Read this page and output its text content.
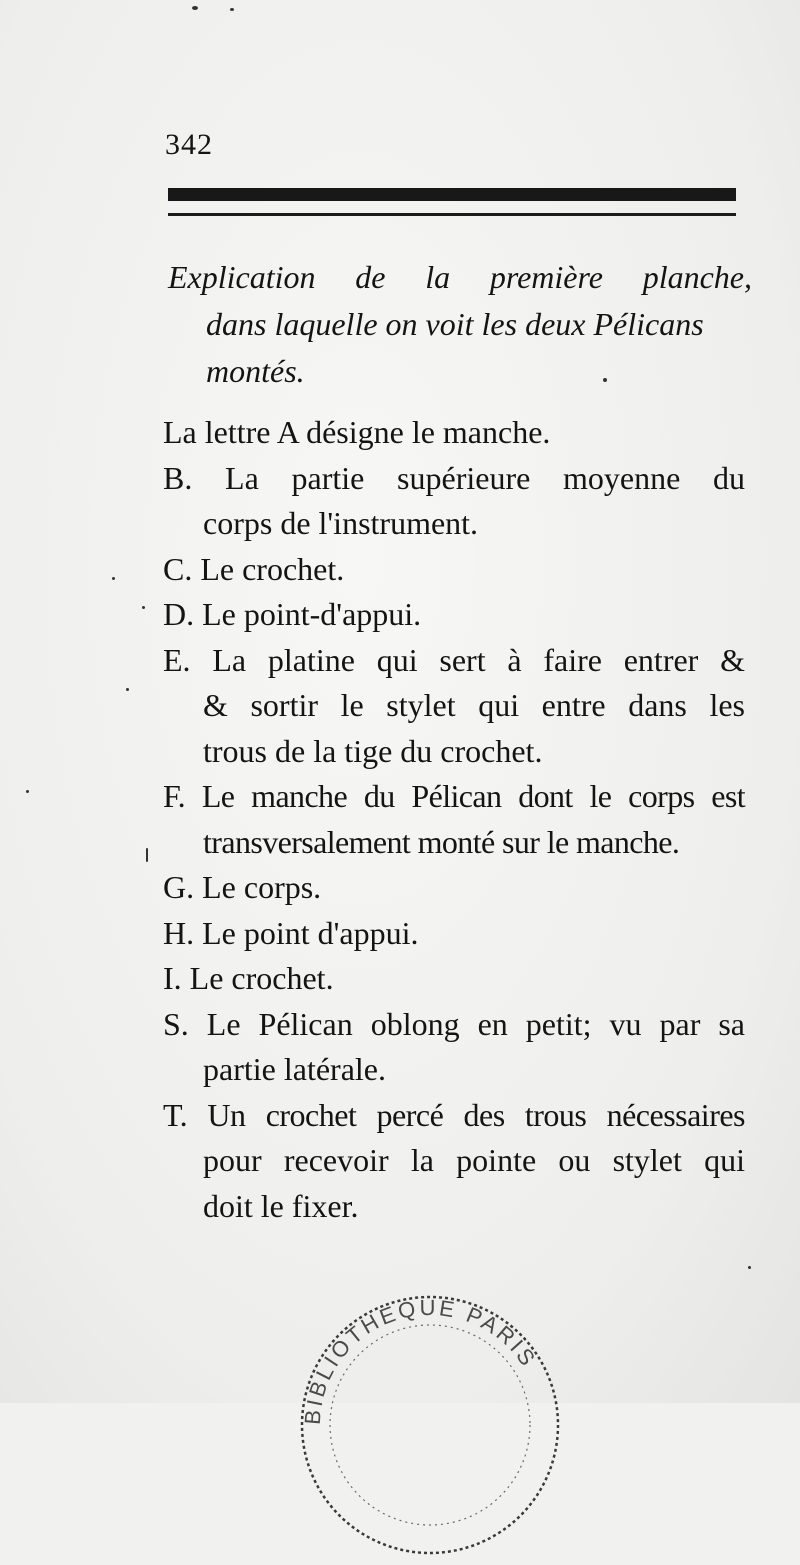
342
Explication de la première planche,
dans laquelle on voit les deux Pélicans
montés.
La lettre A désigne le manche.
B. La partie supérieure moyenne du
corps de l'instrument.
C. Le crochet.
D. Le point-d'appui.
E. La platine qui sert à faire entrer &
& sortir le stylet qui entre dans les
trous de la tige du crochet.
F. Le manche du Pélican dont le corps est
transversalement monté sur le manche.
G. Le corps.
H. Le point d'appui.
I. Le crochet.
S. Le Pélican oblong en petit; vu par sa
partie latérale.
T. Un crochet percé des trous nécessaires
pour recevoir la pointe ou stylet qui
doit le fixer.
BIBLIOTHEQUE PARIS
